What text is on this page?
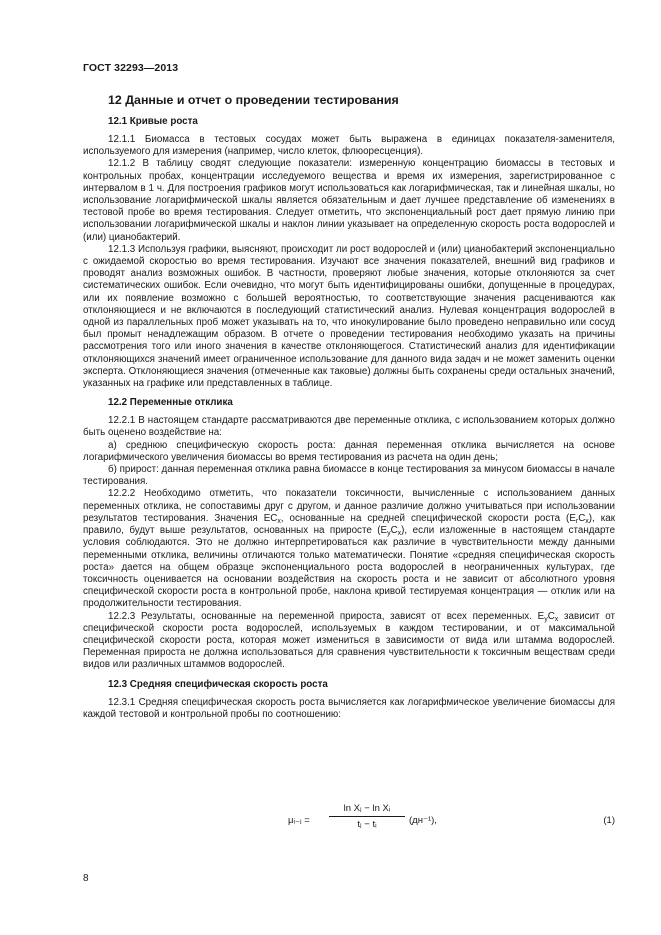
ГОСТ 32293—2013
12 Данные и отчет о проведении тестирования
12.1 Кривые роста

12.1.1 Биомасса в тестовых сосудах может быть выражена в единицах показателя-заменителя, используемого для измерения (например, число клеток, флюоресценция).

12.1.2 В таблицу сводят следующие показатели: измеренную концентрацию биомассы в тестовых и контрольных пробах, концентрации исследуемого вещества и время их измерения, зарегистрированное с интервалом в 1 ч. Для построения графиков могут использоваться как логарифмическая, так и линейная шкалы, но использование логарифмической шкалы является обязательным и дает лучшее представление об изменениях в тестовой пробе во время тестирования. Следует отметить, что экспоненциальный рост дает прямую линию при использовании логарифмической шкалы и наклон линии указывает на определенную скорость роста водорослей и (или) цианобактерий.

12.1.3 Используя графики, выясняют, происходит ли рост водорослей и (или) цианобактерий экспоненциально с ожидаемой скоростью во время тестирования. Изучают все значения показателей, внешний вид графиков и проводят анализ возможных ошибок. В частности, проверяют любые значения, которые отклоняются за счет систематических ошибок. Если очевидно, что могут быть идентифицированы ошибки, допущенные в процедурах, или их появление возможно с большей вероятностью, то соответствующие значения расцениваются как отклоняющиеся и не включаются в последующий статистический анализ. Нулевая концентрация водорослей в одной из параллельных проб может указывать на то, что инокулирование было проведено неправильно или сосуд был промыт ненадлежащим образом. В отчете о проведении тестирования необходимо указать на причины рассмотрения того или иного значения в качестве отклоняющегося. Статистический анализ для идентификации отклоняющихся значений имеет ограниченное использование для данного вида задач и не может заменить оценки эксперта. Отклоняющиеся значения (отмеченные как таковые) должны быть сохранены среди остальных значений, указанных на графике или представленных в таблице.

12.2 Переменные отклика

12.2.1 В настоящем стандарте рассматриваются две переменные отклика, с использованием которых должно быть оценено воздействие на:

а) среднюю специфическую скорость роста: данная переменная отклика вычисляется на основе логарифмического увеличения биомассы во время тестирования из расчета на один день;

б) прирост: данная переменная отклика равна биомассе в конце тестирования за минусом биомассы в начале тестирования.

12.2.2 Необходимо отметить, что показатели токсичности, вычисленные с использованием данных переменных отклика, не сопоставимы друг с другом, и данное различие должно учитываться при использовании результатов тестирования. Значения $EC_x$, основанные на средней специфической скорости роста $(E_rC_x)$, как правило, будут выше результатов, основанных на приросте $(E_yC_x)$, если изложенные в настоящем стандарте условия соблюдаются. Это не должно интерпретироваться как различие в чувствительности между данными переменными отклика, величины отличаются только математически. Понятие «средняя специфическая скорость роста» дается на общем образце экспоненциального роста водорослей в неограниченных культурах, где токсичность оценивается на основании воздействия на скорость роста и не зависит от абсолютного уровня специфической скорости роста в контрольной пробе, наклона кривой тестируемая концентрация — отклик или на продолжительности тестирования.

12.2.3 Результаты, основанные на переменной прироста, зависят от всех переменных. $E_yC_x$ зависит от специфической скорости роста водорослей, используемых в каждом тестировании, и от максимальной специфической скорости роста, которая может измениться в зависимости от вида или штамма водорослей. Переменная прироста не должна использоваться для сравнения чувствительности к токсичным веществам среди видов или различных штаммов водорослей.

12.3 Средняя специфическая скорость роста

12.3.1 Средняя специфическая скорость роста вычисляется как логарифмическое увеличение биомассы для каждой тестовой и контрольной пробы по соотношению:

μᵢ₋ⱼ = $\frac{\text{ln Xⱼ − ln Xᵢ}}{\text{tⱼ − tᵢ}} (дн^{-1})$,	(1)
8
